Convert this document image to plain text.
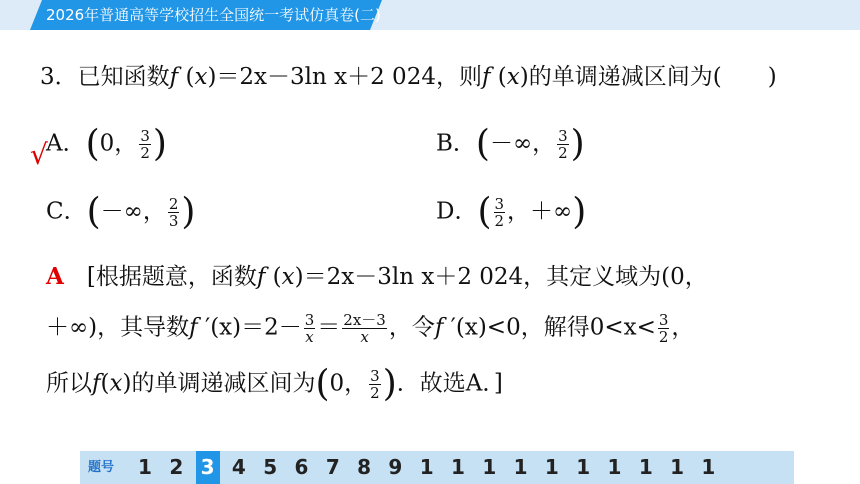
2026年普通高等学校招生全国统一考试仿真卷(二)
3．已知函数f (x)＝2x－3ln x＋2 024，则f (x)的单调递减区间为(　　)
√
A．(0， $\frac{3}{2}$ )	B．(－∞， $\frac{3}{2}$ )
C．(－∞， $\frac{2}{3}$ )	D．( $\frac{3}{2}$ ，＋∞)
A　 [根据题意，函数f (x)＝2x－3ln x＋2 024，其定义域为(0，
＋∞)，其导数f $'(x)=2- \frac{3}{x} = \frac{2x-3}{x}$ ，令f ′(x)<0，解得$0<x< \frac{3}{2}$ ，
所以f(x)的单调递减区间为(0， $\frac{3}{2}$ )．故选A．]
题号 1 2 3 4 5 6 7 8 9 1 1 1 1 1 1 1 1 1 1
